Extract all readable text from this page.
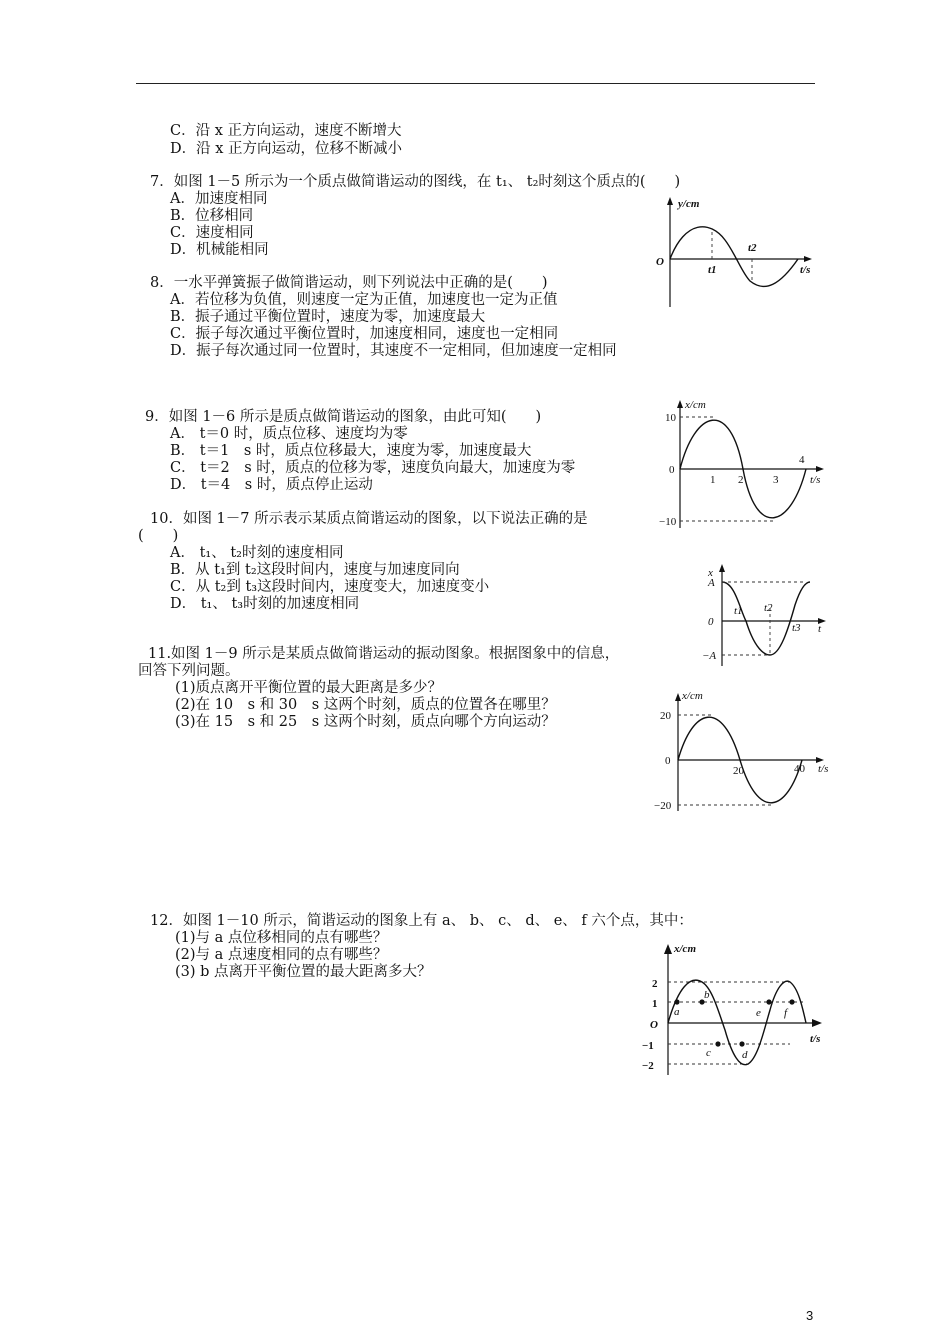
C．沿 x 正方向运动，速度不断增大
D．沿 x 正方向运动，位移不断减小
7．如图 1－5 所示为一个质点做简谐运动的图线，在 t₁、 t₂时刻这个质点的(　　)
A．加速度相同
B．位移相同
C．速度相同
D．机械能相同
8．一水平弹簧振子做简谐运动，则下列说法中正确的是(　　)
A．若位移为负值，则速度一定为正值，加速度也一定为正值
B．振子通过平衡位置时，速度为零，加速度最大
C．振子每次通过平衡位置时，加速度相同，速度也一定相同
D．振子每次通过同一位置时，其速度不一定相同，但加速度一定相同
9．如图 1－6 所示是质点做简谐运动的图象，由此可知(　　)
A． t＝0 时，质点位移、速度均为零
B． t＝1　s 时，质点位移最大，速度为零，加速度最大
C． t＝2　s 时，质点的位移为零，速度负向最大，加速度为零
D． t＝4　s 时，质点停止运动
10．如图 1－7 所示表示某质点简谐运动的图象，以下说法正确的是
(　　)
A． t₁、 t₂时刻的速度相同
B．从 t₁到 t₂这段时间内，速度与加速度同向
C．从 t₂到 t₃这段时间内，速度变大，加速度变小
D． t₁、 t₃时刻的加速度相同
11.如图 1－9 所示是某质点做简谐运动的振动图象。根据图象中的信息，
回答下列问题。
(1)质点离开平衡位置的最大距离是多少？
(2)在 10　s 和 30　s 这两个时刻，质点的位置各在哪里？
(3)在 15　s 和 25　s 这两个时刻，质点向哪个方向运动？
12．如图 1－10 所示，简谐运动的图象上有 a、 b、 c、 d、 e、 f 六个点，其中：
(1)与 a 点位移相同的点有哪些？
(2)与 a 点速度相同的点有哪些？
(3) b 点离开平衡位置的最大距离多大？
y/cm
O
t1
t2
t/s
x/cm
10
0
−10
1 2	3
4
t/s
x
A
0
−A
t1 t2
t3 t
x/cm
20
0
−20
20	40 t/s
x/cm
2
1
O
−1
−2
a
b
c	d
e f
t/s
3
